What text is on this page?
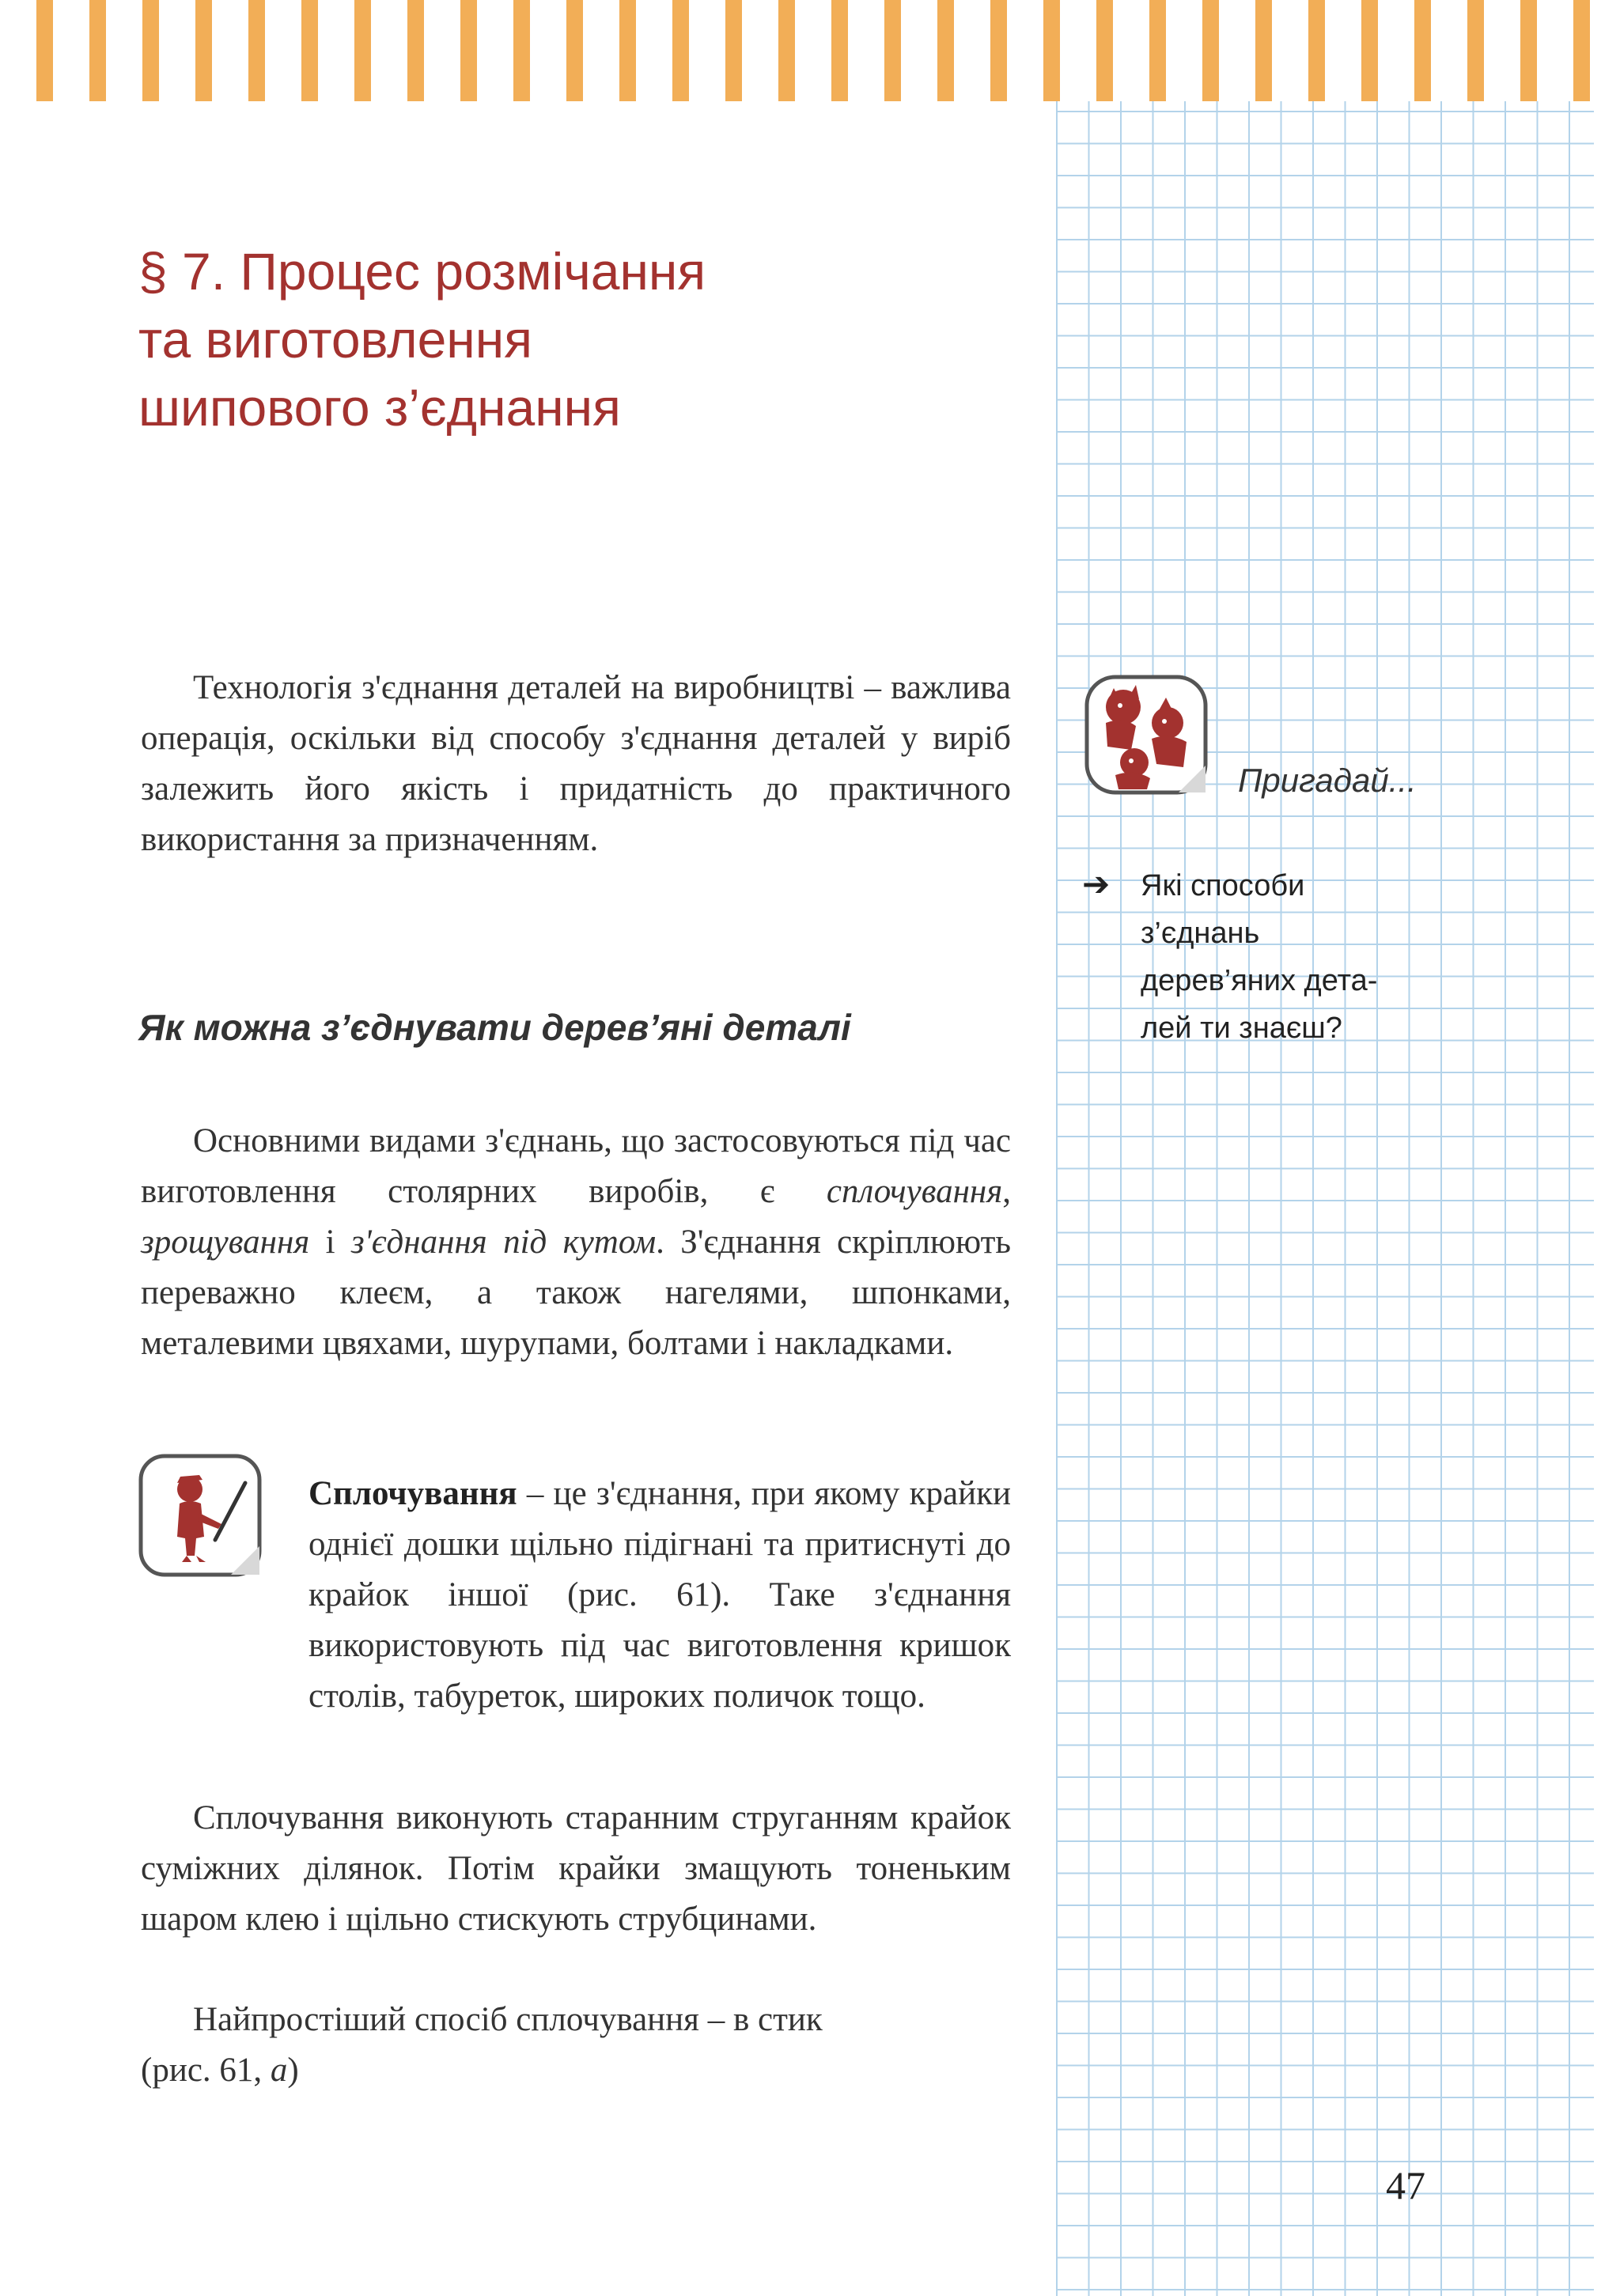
§ 7. Процес розмічання
та виготовлення
шипового з’єднання

Технологія з'єднання деталей на виробництві – важлива операція, оскільки від способу з'єднання деталей у виріб залежить його якість і придатність до практичного використання за призначенням.

Як можна з’єднувати дерев’яні деталі

Основними видами з'єднань, що застосовуються під час виготовлення столярних виробів, є сплочування, зрощування і з'єднання під кутом. З'єднання скріплюють переважно клеєм, а також нагелями, шпонками, металевими цвяхами, шурупами, болтами і накладками.

Сплочування – це з'єднання, при якому крайки однієї дошки щільно підігнані та притиснуті до крайок іншої (рис. 61). Таке з'єднання використовують під час виготовлення кришок столів, табуреток, широких поличок тощо.

Сплочування виконують старанним струганням крайок суміжних ділянок. Потім крайки змащують тоненьким шаром клею і щільно стискують струбцинами.

Найпростіший спосіб сплочування – в стик
(рис. 61, а)

Пригадай...
➔ Які способи
з’єднань
дерев’яних дета-
лей ти знаєш?
47
